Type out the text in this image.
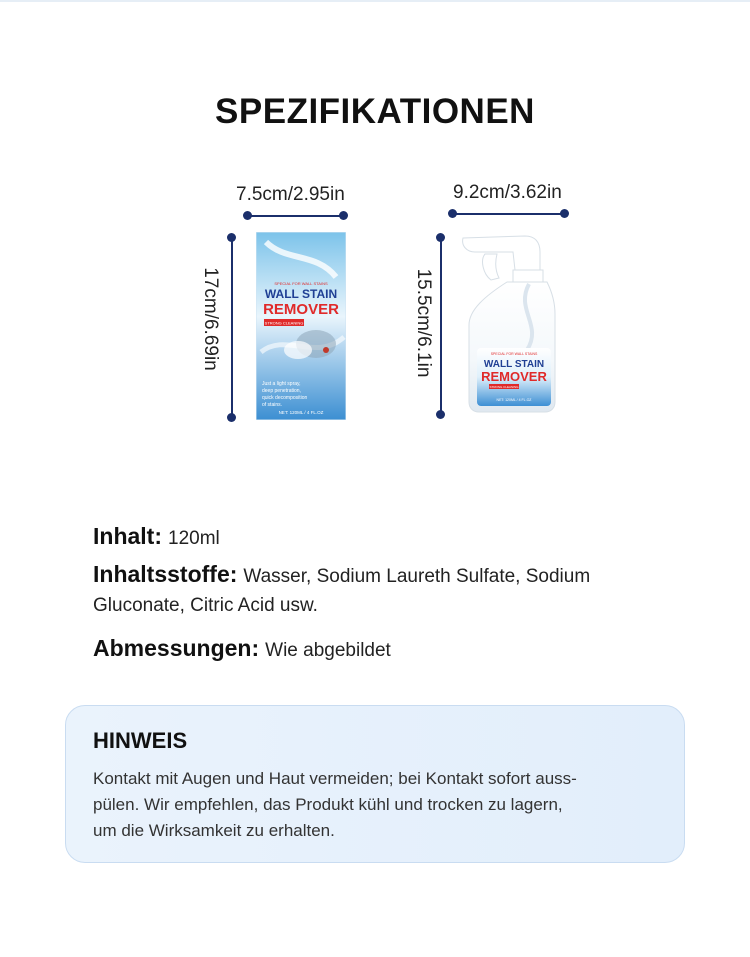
SPEZIFIKATIONEN
7.5cm/2.95in
17cm/6.69in	SPECIAL FOR WALL STAINS
WALL STAIN
REMOVER
STRONG CLEANING
Just a light spray,
deep penetration,
quick decomposition
of stains.
NET: 120ML / 4 FL.OZ
9.2cm/3.62in
15.5cm/6.1in	SPECIAL FOR WALL STAINS
WALL STAIN
REMOVER
STRONG CLEANING
NET: 120ML / 4 FL.OZ
Inhalt: 120ml
Inhaltsstoffe: Wasser, Sodium Laureth Sulfate, Sodium
Gluconate, Citric Acid usw.
Abmessungen: Wie abgebildet
HINWEIS
Kontakt mit Augen und Haut vermeiden; bei Kontakt sofort auss-
pülen. Wir empfehlen, das Produkt kühl und trocken zu lagern,
um die Wirksamkeit zu erhalten.
